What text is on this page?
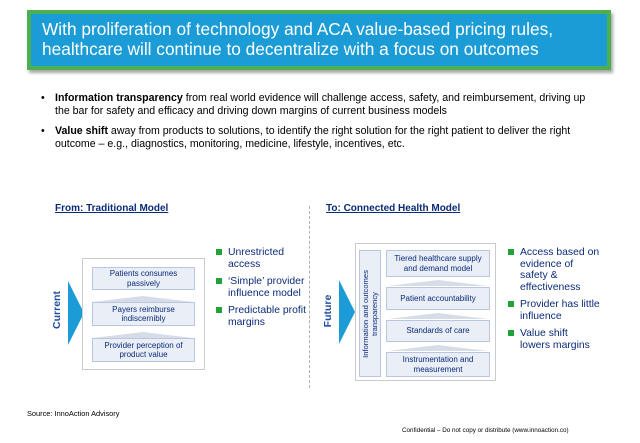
With proliferation of technology and ACA value-based pricing rules,
healthcare will continue to decentralize with a focus on outcomes
• Information transparency from real world evidence will challenge access, safety, and reimbursement, driving up the bar for safety and efficacy and driving down margins of current business models
• Value shift away from products to solutions, to identify the right solution for the right patient to deliver the right outcome – e.g., diagnostics, monitoring, medicine, lifestyle, incentives, etc.
From: Traditional Model	To: Connected Health Model
Current
Patients consumes passively
Payers reimburse indiscernibly
Provider perception of product value
Unrestricted access
‘Simple’ provider influence model
Predictable profit margins	Future	Information and outcomes
transparency
Tiered healthcare supply and demand model
Patient accountability
Standards of care
Instrumentation and measurement
Access based on evidence of safety & effectiveness
Provider has little influence
Value shift lowers margins
Source: InnoAction Advisory
Confidential – Do not copy or distribute (www.innoaction.co)
